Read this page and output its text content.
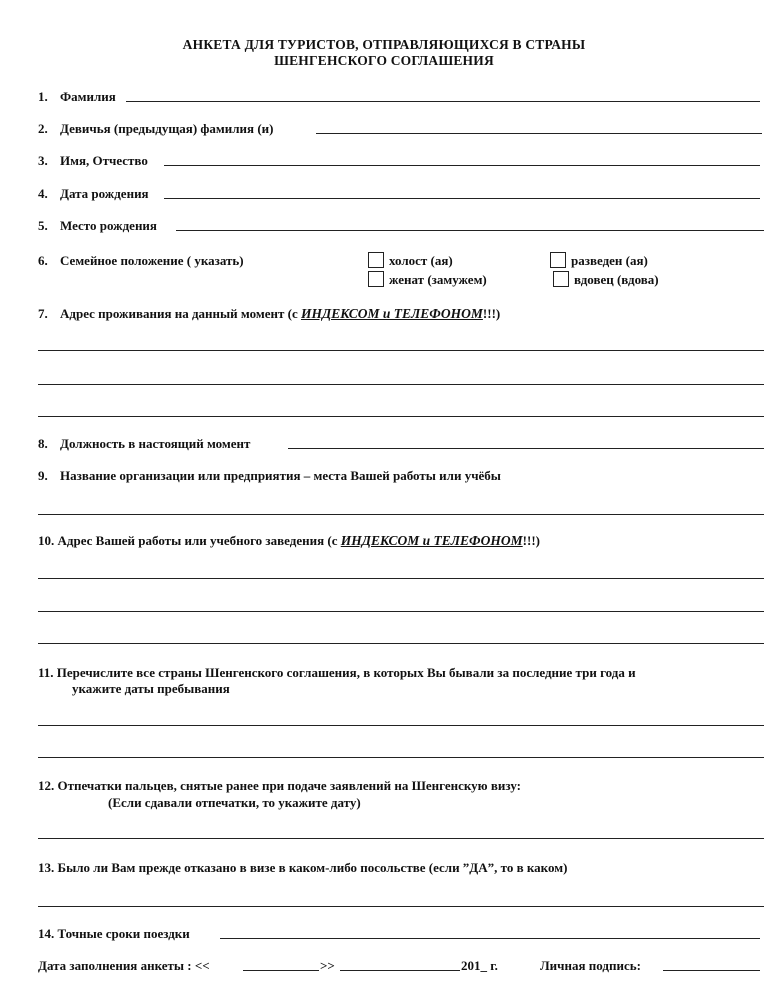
АНКЕТА ДЛЯ ТУРИСТОВ, ОТПРАВЛЯЮЩИХСЯ В СТРАНЫ
ШЕНГЕНСКОГО СОГЛАШЕНИЯ
1. Фамилия
2. Девичья (предыдущая) фамилия (и)
3. Имя, Отчество
4. Дата рождения
5. Место рождения
6. Семейное положение ( указать)	холост (ая)	разведен (ая)
женат (замужем)	вдовец (вдова)
7. Адрес проживания на данный момент (с ИНДЕКСОМ и ТЕЛЕФОНОМ!!!)
8. Должность в настоящий момент
9. Название организации или предприятия – места Вашей работы или учёбы
10. Адрес Вашей работы или учебного заведения (с ИНДЕКСОМ и ТЕЛЕФОНОМ!!!)
11. Перечислите все страны Шенгенского соглашения, в которых Вы бывали за последние три года и
укажите даты пребывания
12. Отпечатки пальцев, снятые ранее при подаче заявлений на Шенгенскую визу:
(Если сдавали отпечатки, то укажите дату)
13. Было ли Вам прежде отказано в визе в каком-либо посольстве (если ”ДА”, то в каком)
14. Точные сроки поездки
Дата заполнения анкеты : <<	>>	201_ г.	Личная подпись:
